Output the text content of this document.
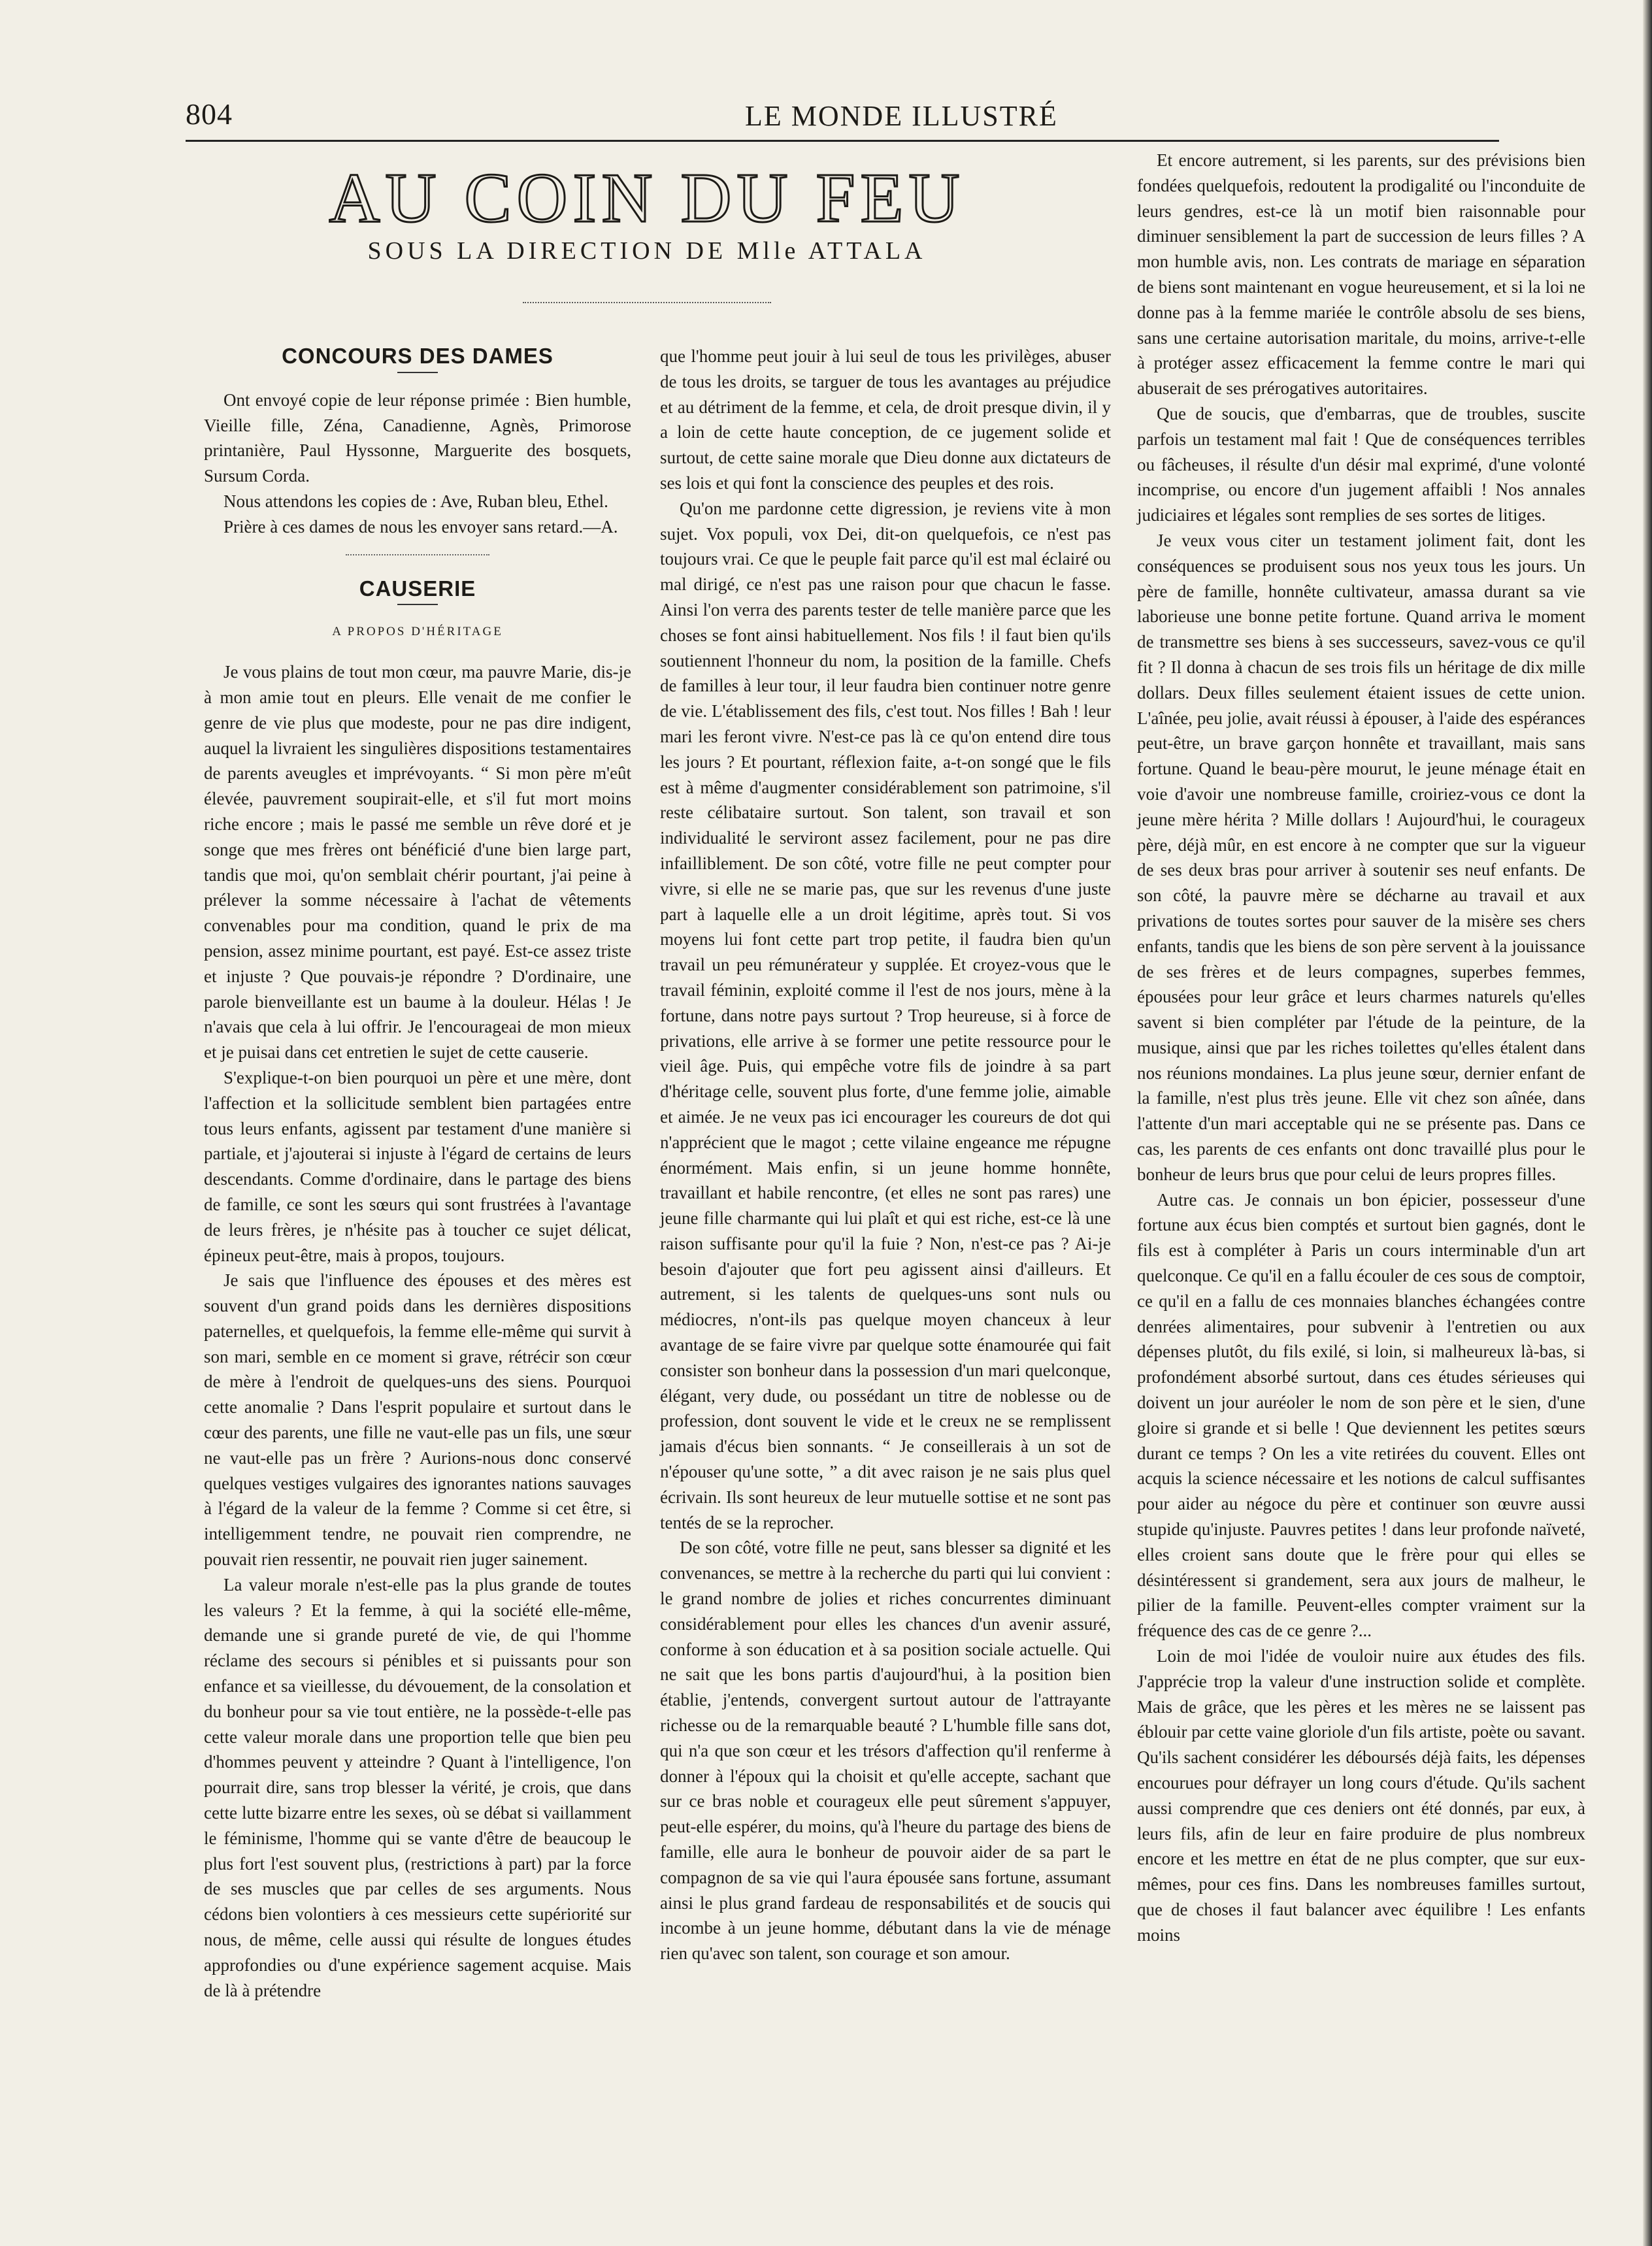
804	LE MONDE ILLUSTRÉ
AU COIN DU FEU
SOUS LA DIRECTION DE Mlle ATTALA
CONCOURS DES DAMES

Ont envoyé copie de leur réponse primée : Bien humble, Vieille fille, Zéna, Canadienne, Agnès, Primorose printanière, Paul Hyssonne, Marguerite des bosquets, Sursum Corda.

Nous attendons les copies de : Ave, Ruban bleu, Ethel.

Prière à ces dames de nous les envoyer sans retard.—A.

CAUSERIE
A PROPOS D'HÉRITAGE

Je vous plains de tout mon cœur, ma pauvre Marie, dis-je à mon amie tout en pleurs. Elle venait de me confier le genre de vie plus que modeste, pour ne pas dire indigent, auquel la livraient les singulières dispositions testamentaires de parents aveugles et imprévoyants. “ Si mon père m'eût élevée, pauvrement soupirait-elle, et s'il fut mort moins riche encore ; mais le passé me semble un rêve doré et je songe que mes frères ont bénéficié d'une bien large part, tandis que moi, qu'on semblait chérir pourtant, j'ai peine à prélever la somme nécessaire à l'achat de vêtements convenables pour ma condition, quand le prix de ma pension, assez minime pourtant, est payé. Est-ce assez triste et injuste ? Que pouvais-je répondre ? D'ordinaire, une parole bienveillante est un baume à la douleur. Hélas ! Je n'avais que cela à lui offrir. Je l'encourageai de mon mieux et je puisai dans cet entretien le sujet de cette causerie.

S'explique-t-on bien pourquoi un père et une mère, dont l'affection et la sollicitude semblent bien partagées entre tous leurs enfants, agissent par testament d'une manière si partiale, et j'ajouterai si injuste à l'égard de certains de leurs descendants. Comme d'ordinaire, dans le partage des biens de famille, ce sont les sœurs qui sont frustrées à l'avantage de leurs frères, je n'hésite pas à toucher ce sujet délicat, épineux peut-être, mais à propos, toujours.

Je sais que l'influence des épouses et des mères est souvent d'un grand poids dans les dernières dispositions paternelles, et quelquefois, la femme elle-même qui survit à son mari, semble en ce moment si grave, rétrécir son cœur de mère à l'endroit de quelques-uns des siens. Pourquoi cette anomalie ? Dans l'esprit populaire et surtout dans le cœur des parents, une fille ne vaut-elle pas un fils, une sœur ne vaut-elle pas un frère ? Aurions-nous donc conservé quelques vestiges vulgaires des ignorantes nations sauvages à l'égard de la valeur de la femme ? Comme si cet être, si intelligemment tendre, ne pouvait rien comprendre, ne pouvait rien ressentir, ne pouvait rien juger sainement.

La valeur morale n'est-elle pas la plus grande de toutes les valeurs ? Et la femme, à qui la société elle-même, demande une si grande pureté de vie, de qui l'homme réclame des secours si pénibles et si puissants pour son enfance et sa vieillesse, du dévouement, de la consolation et du bonheur pour sa vie tout entière, ne la possède-t-elle pas cette valeur morale dans une proportion telle que bien peu d'hommes peuvent y atteindre ? Quant à l'intelligence, l'on pourrait dire, sans trop blesser la vérité, je crois, que dans cette lutte bizarre entre les sexes, où se débat si vaillamment le féminisme, l'homme qui se vante d'être de beaucoup le plus fort l'est souvent plus, (restrictions à part) par la force de ses muscles que par celles de ses arguments. Nous cédons bien volontiers à ces messieurs cette supériorité sur nous, de même, celle aussi qui résulte de longues études approfondies ou d'une expérience sagement acquise. Mais de là à prétendre

que l'homme peut jouir à lui seul de tous les privilèges, abuser de tous les droits, se targuer de tous les avantages au préjudice et au détriment de la femme, et cela, de droit presque divin, il y a loin de cette haute conception, de ce jugement solide et surtout, de cette saine morale que Dieu donne aux dictateurs de ses lois et qui font la conscience des peuples et des rois.

Qu'on me pardonne cette digression, je reviens vite à mon sujet. Vox populi, vox Dei, dit-on quelquefois, ce n'est pas toujours vrai. Ce que le peuple fait parce qu'il est mal éclairé ou mal dirigé, ce n'est pas une raison pour que chacun le fasse. Ainsi l'on verra des parents tester de telle manière parce que les choses se font ainsi habituellement. Nos fils ! il faut bien qu'ils soutiennent l'honneur du nom, la position de la famille. Chefs de familles à leur tour, il leur faudra bien continuer notre genre de vie. L'établissement des fils, c'est tout. Nos filles ! Bah ! leur mari les feront vivre. N'est-ce pas là ce qu'on entend dire tous les jours ? Et pourtant, réflexion faite, a-t-on songé que le fils est à même d'augmenter considérablement son patrimoine, s'il reste célibataire surtout. Son talent, son travail et son individualité le serviront assez facilement, pour ne pas dire infailliblement. De son côté, votre fille ne peut compter pour vivre, si elle ne se marie pas, que sur les revenus d'une juste part à laquelle elle a un droit légitime, après tout. Si vos moyens lui font cette part trop petite, il faudra bien qu'un travail un peu rémunérateur y supplée. Et croyez-vous que le travail féminin, exploité comme il l'est de nos jours, mène à la fortune, dans notre pays surtout ? Trop heureuse, si à force de privations, elle arrive à se former une petite ressource pour le vieil âge. Puis, qui empêche votre fils de joindre à sa part d'héritage celle, souvent plus forte, d'une femme jolie, aimable et aimée. Je ne veux pas ici encourager les coureurs de dot qui n'apprécient que le magot ; cette vilaine engeance me répugne énormément. Mais enfin, si un jeune homme honnête, travaillant et habile rencontre, (et elles ne sont pas rares) une jeune fille charmante qui lui plaît et qui est riche, est-ce là une raison suffisante pour qu'il la fuie ? Non, n'est-ce pas ? Ai-je besoin d'ajouter que fort peu agissent ainsi d'ailleurs. Et autrement, si les talents de quelques-uns sont nuls ou médiocres, n'ont-ils pas quelque moyen chanceux à leur avantage de se faire vivre par quelque sotte énamourée qui fait consister son bonheur dans la possession d'un mari quelconque, élégant, very dude, ou possédant un titre de noblesse ou de profession, dont souvent le vide et le creux ne se remplissent jamais d'écus bien sonnants. “ Je conseillerais à un sot de n'épouser qu'une sotte, ” a dit avec raison je ne sais plus quel écrivain. Ils sont heureux de leur mutuelle sottise et ne sont pas tentés de se la reprocher.

De son côté, votre fille ne peut, sans blesser sa dignité et les convenances, se mettre à la recherche du parti qui lui convient : le grand nombre de jolies et riches concurrentes diminuant considérablement pour elles les chances d'un avenir assuré, conforme à son éducation et à sa position sociale actuelle. Qui ne sait que les bons partis d'aujourd'hui, à la position bien établie, j'entends, convergent surtout autour de l'attrayante richesse ou de la remarquable beauté ? L'humble fille sans dot, qui n'a que son cœur et les trésors d'affection qu'il renferme à donner à l'époux qui la choisit et qu'elle accepte, sachant que sur ce bras noble et courageux elle peut sûrement s'appuyer, peut-elle espérer, du moins, qu'à l'heure du partage des biens de famille, elle aura le bonheur de pouvoir aider de sa part le compagnon de sa vie qui l'aura épousée sans fortune, assumant ainsi le plus grand fardeau de responsabilités et de soucis qui incombe à un jeune homme, débutant dans la vie de ménage rien qu'avec son talent, son courage et son amour.

Et encore autrement, si les parents, sur des prévisions bien fondées quelquefois, redoutent la prodigalité ou l'inconduite de leurs gendres, est-ce là un motif bien raisonnable pour diminuer sensiblement la part de succession de leurs filles ? A mon humble avis, non. Les contrats de mariage en séparation de biens sont maintenant en vogue heureusement, et si la loi ne donne pas à la femme mariée le contrôle absolu de ses biens, sans une certaine autorisation maritale, du moins, arrive-t-elle à protéger assez efficacement la femme contre le mari qui abuserait de ses prérogatives autoritaires.

Que de soucis, que d'embarras, que de troubles, suscite parfois un testament mal fait ! Que de conséquences terribles ou fâcheuses, il résulte d'un désir mal exprimé, d'une volonté incomprise, ou encore d'un jugement affaibli ! Nos annales judiciaires et légales sont remplies de ses sortes de litiges.

Je veux vous citer un testament joliment fait, dont les conséquences se produisent sous nos yeux tous les jours. Un père de famille, honnête cultivateur, amassa durant sa vie laborieuse une bonne petite fortune. Quand arriva le moment de transmettre ses biens à ses successeurs, savez-vous ce qu'il fit ? Il donna à chacun de ses trois fils un héritage de dix mille dollars. Deux filles seulement étaient issues de cette union. L'aînée, peu jolie, avait réussi à épouser, à l'aide des espérances peut-être, un brave garçon honnête et travaillant, mais sans fortune. Quand le beau-père mourut, le jeune ménage était en voie d'avoir une nombreuse famille, croiriez-vous ce dont la jeune mère hérita ? Mille dollars ! Aujourd'hui, le courageux père, déjà mûr, en est encore à ne compter que sur la vigueur de ses deux bras pour arriver à soutenir ses neuf enfants. De son côté, la pauvre mère se décharne au travail et aux privations de toutes sortes pour sauver de la misère ses chers enfants, tandis que les biens de son père servent à la jouissance de ses frères et de leurs compagnes, superbes femmes, épousées pour leur grâce et leurs charmes naturels qu'elles savent si bien compléter par l'étude de la peinture, de la musique, ainsi que par les riches toilettes qu'elles étalent dans nos réunions mondaines. La plus jeune sœur, dernier enfant de la famille, n'est plus très jeune. Elle vit chez son aînée, dans l'attente d'un mari acceptable qui ne se présente pas. Dans ce cas, les parents de ces enfants ont donc travaillé plus pour le bonheur de leurs brus que pour celui de leurs propres filles.

Autre cas. Je connais un bon épicier, possesseur d'une fortune aux écus bien comptés et surtout bien gagnés, dont le fils est à compléter à Paris un cours interminable d'un art quelconque. Ce qu'il en a fallu écouler de ces sous de comptoir, ce qu'il en a fallu de ces monnaies blanches échangées contre denrées alimentaires, pour subvenir à l'entretien ou aux dépenses plutôt, du fils exilé, si loin, si malheureux là-bas, si profondément absorbé surtout, dans ces études sérieuses qui doivent un jour auréoler le nom de son père et le sien, d'une gloire si grande et si belle ! Que deviennent les petites sœurs durant ce temps ? On les a vite retirées du couvent. Elles ont acquis la science nécessaire et les notions de calcul suffisantes pour aider au négoce du père et continuer son œuvre aussi stupide qu'injuste. Pauvres petites ! dans leur profonde naïveté, elles croient sans doute que le frère pour qui elles se désintéressent si grandement, sera aux jours de malheur, le pilier de la famille. Peuvent-elles compter vraiment sur la fréquence des cas de ce genre ?...

Loin de moi l'idée de vouloir nuire aux études des fils. J'apprécie trop la valeur d'une instruction solide et complète. Mais de grâce, que les pères et les mères ne se laissent pas éblouir par cette vaine gloriole d'un fils artiste, poète ou savant. Qu'ils sachent considérer les déboursés déjà faits, les dépenses encourues pour défrayer un long cours d'étude. Qu'ils sachent aussi comprendre que ces deniers ont été donnés, par eux, à leurs fils, afin de leur en faire produire de plus nombreux encore et les mettre en état de ne plus compter, que sur eux-mêmes, pour ces fins. Dans les nombreuses familles surtout, que de choses il faut balancer avec équilibre ! Les enfants moins
